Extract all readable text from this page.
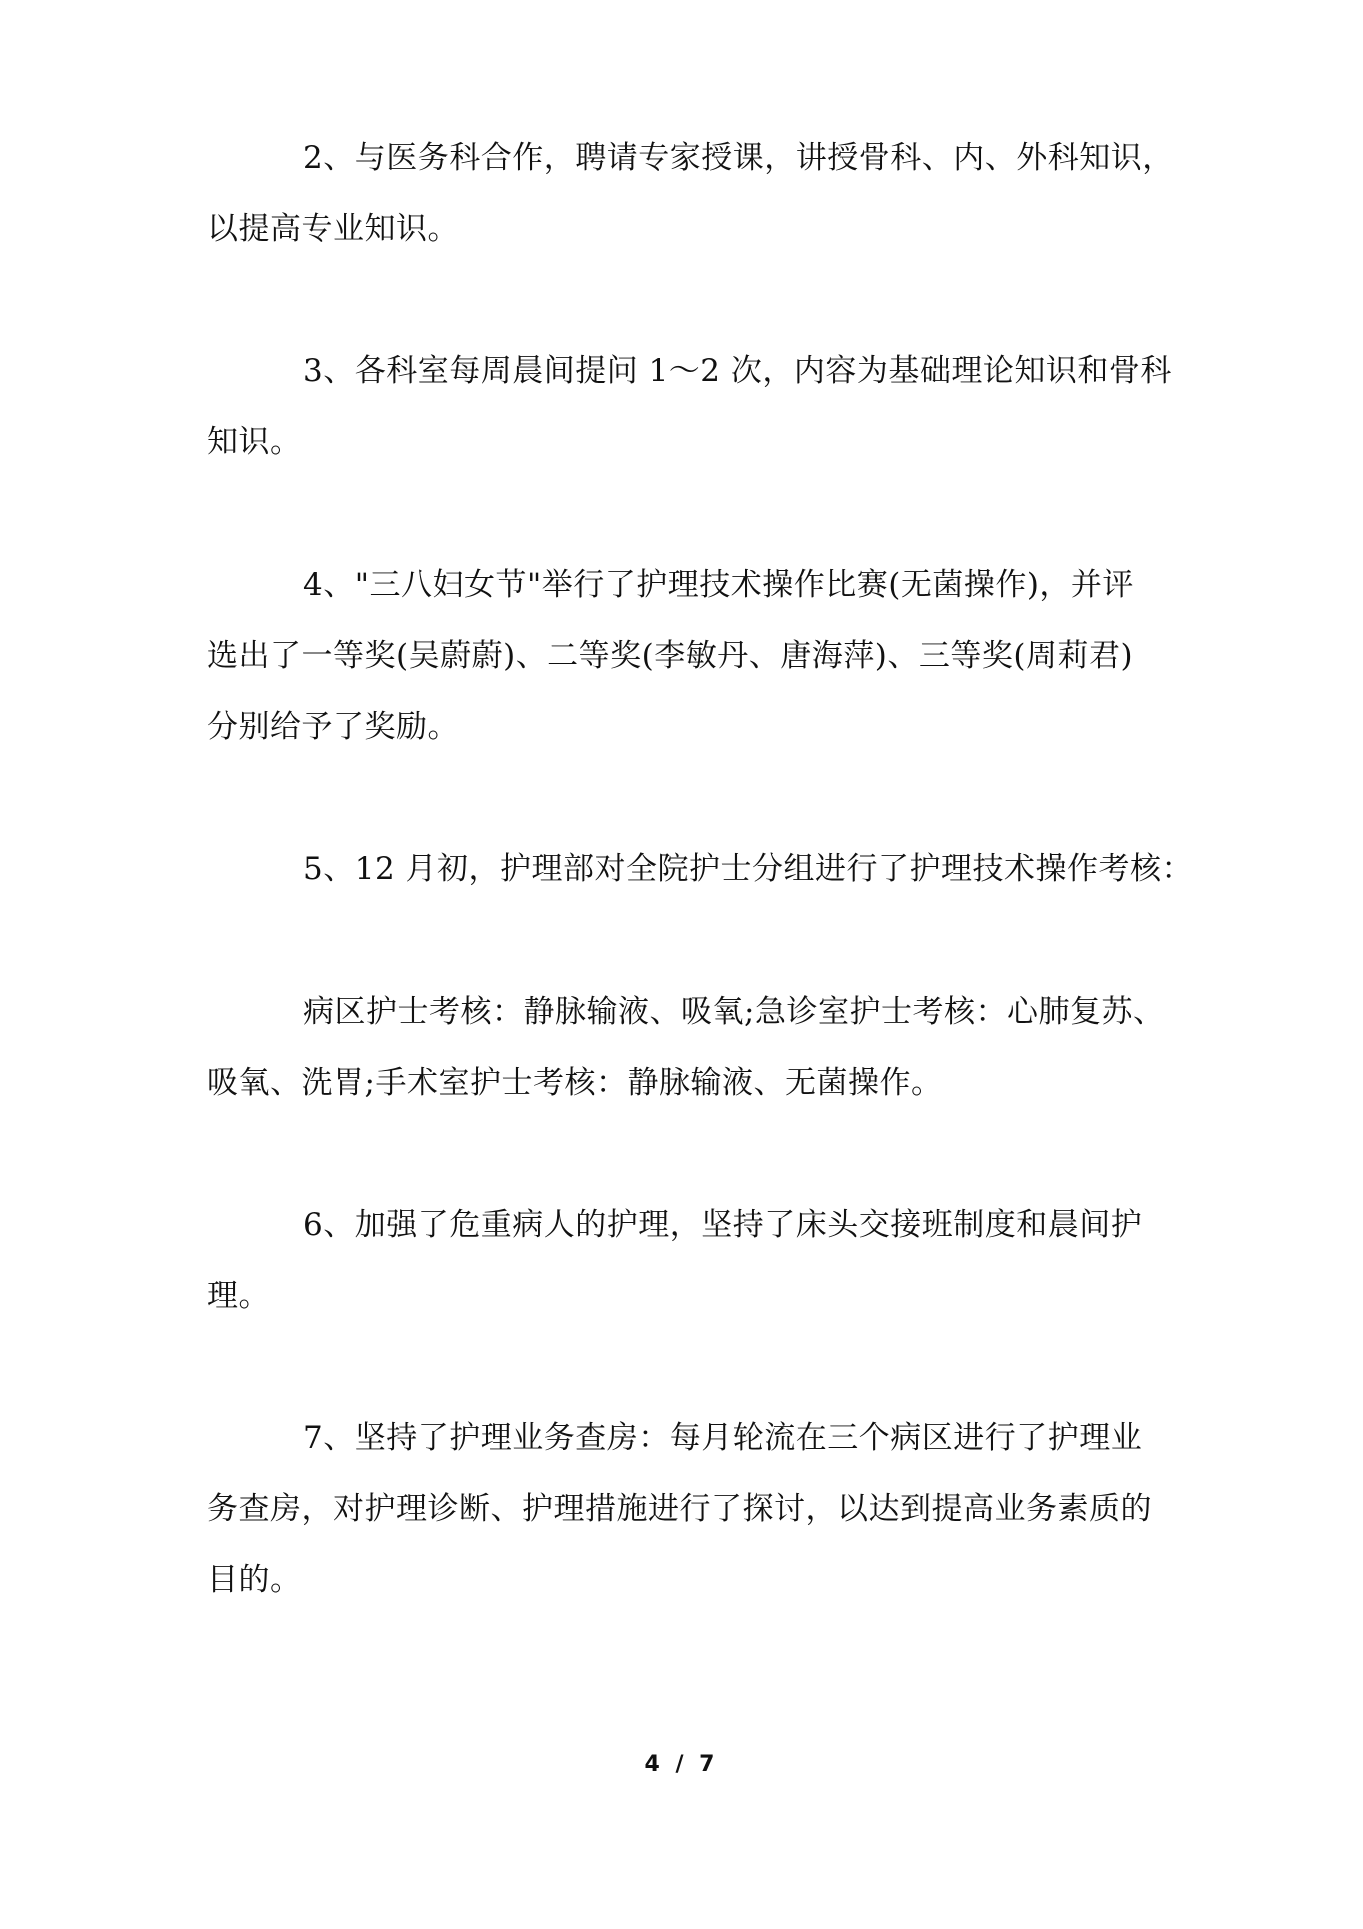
2、与医务科合作，聘请专家授课，讲授骨科、内、外科知识，
以提高专业知识。
3、各科室每周晨间提问 1～2 次，内容为基础理论知识和骨科
知识。
4、"三八妇女节"举行了护理技术操作比赛(无菌操作)，并评
选出了一等奖(吴蔚蔚)、二等奖(李敏丹、唐海萍)、三等奖(周莉君)
分别给予了奖励。
5、12 月初，护理部对全院护士分组进行了护理技术操作考核：
病区护士考核：静脉输液、吸氧;急诊室护士考核：心肺复苏、
吸氧、洗胃;手术室护士考核：静脉输液、无菌操作。
6、加强了危重病人的护理，坚持了床头交接班制度和晨间护
理。
7、坚持了护理业务查房：每月轮流在三个病区进行了护理业
务查房，对护理诊断、护理措施进行了探讨，以达到提高业务素质的
目的。
4 / 7
